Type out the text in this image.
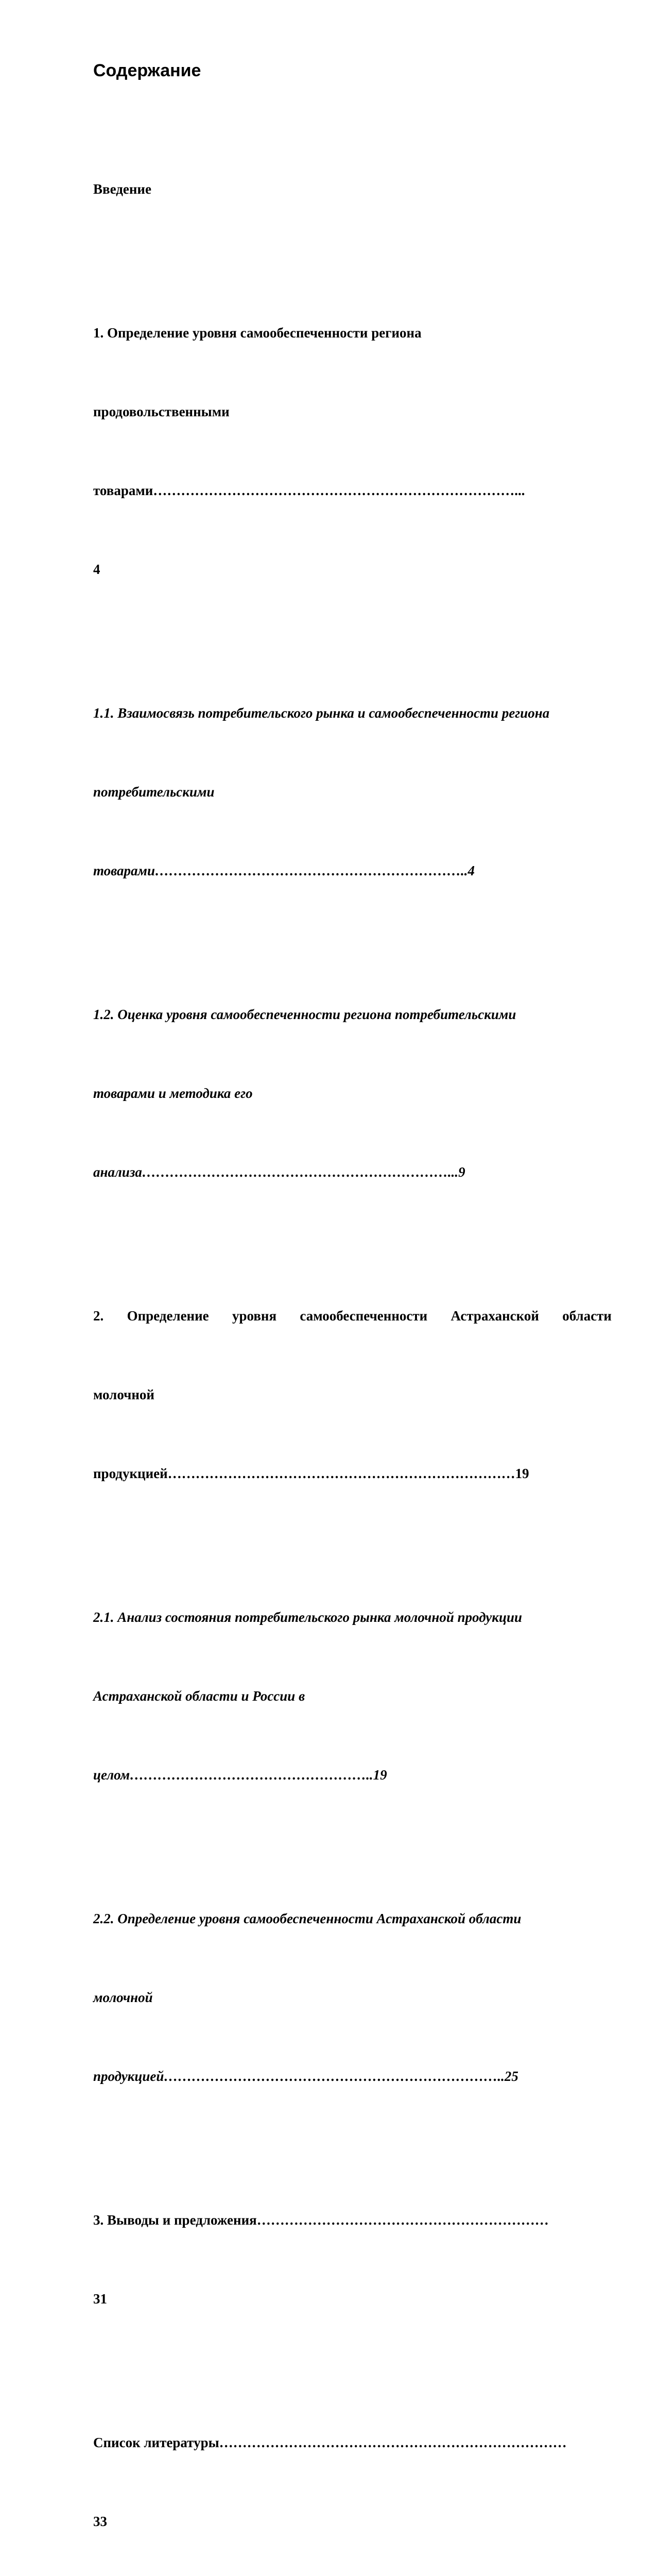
Содержание

Введение

1. Определение уровня самообеспеченности региона

продовольственными

товарами……………………………………………………………………...

4

1.1. Взаимосвязь потребительского рынка и самообеспеченности региона

потребительскими

товарами…………………………………………………………..4

1.2. Оценка уровня самообеспеченности региона потребительскими

товарами и методика его

анализа…………………………………………………………...9

2. Определение уровня самообеспеченности Астраханской области

молочной

продукцией…………………………………………………………………19

2.1. Анализ состояния потребительского рынка молочной продукции

Астраханской области и России в

целом……………………………………………..19

2.2. Определение уровня самообеспеченности Астраханской области

молочной

продукцией………………………………………………………………..25

3. Выводы и предложения………………………………………………………

31

Список литературы…………………………………………………………………

33
